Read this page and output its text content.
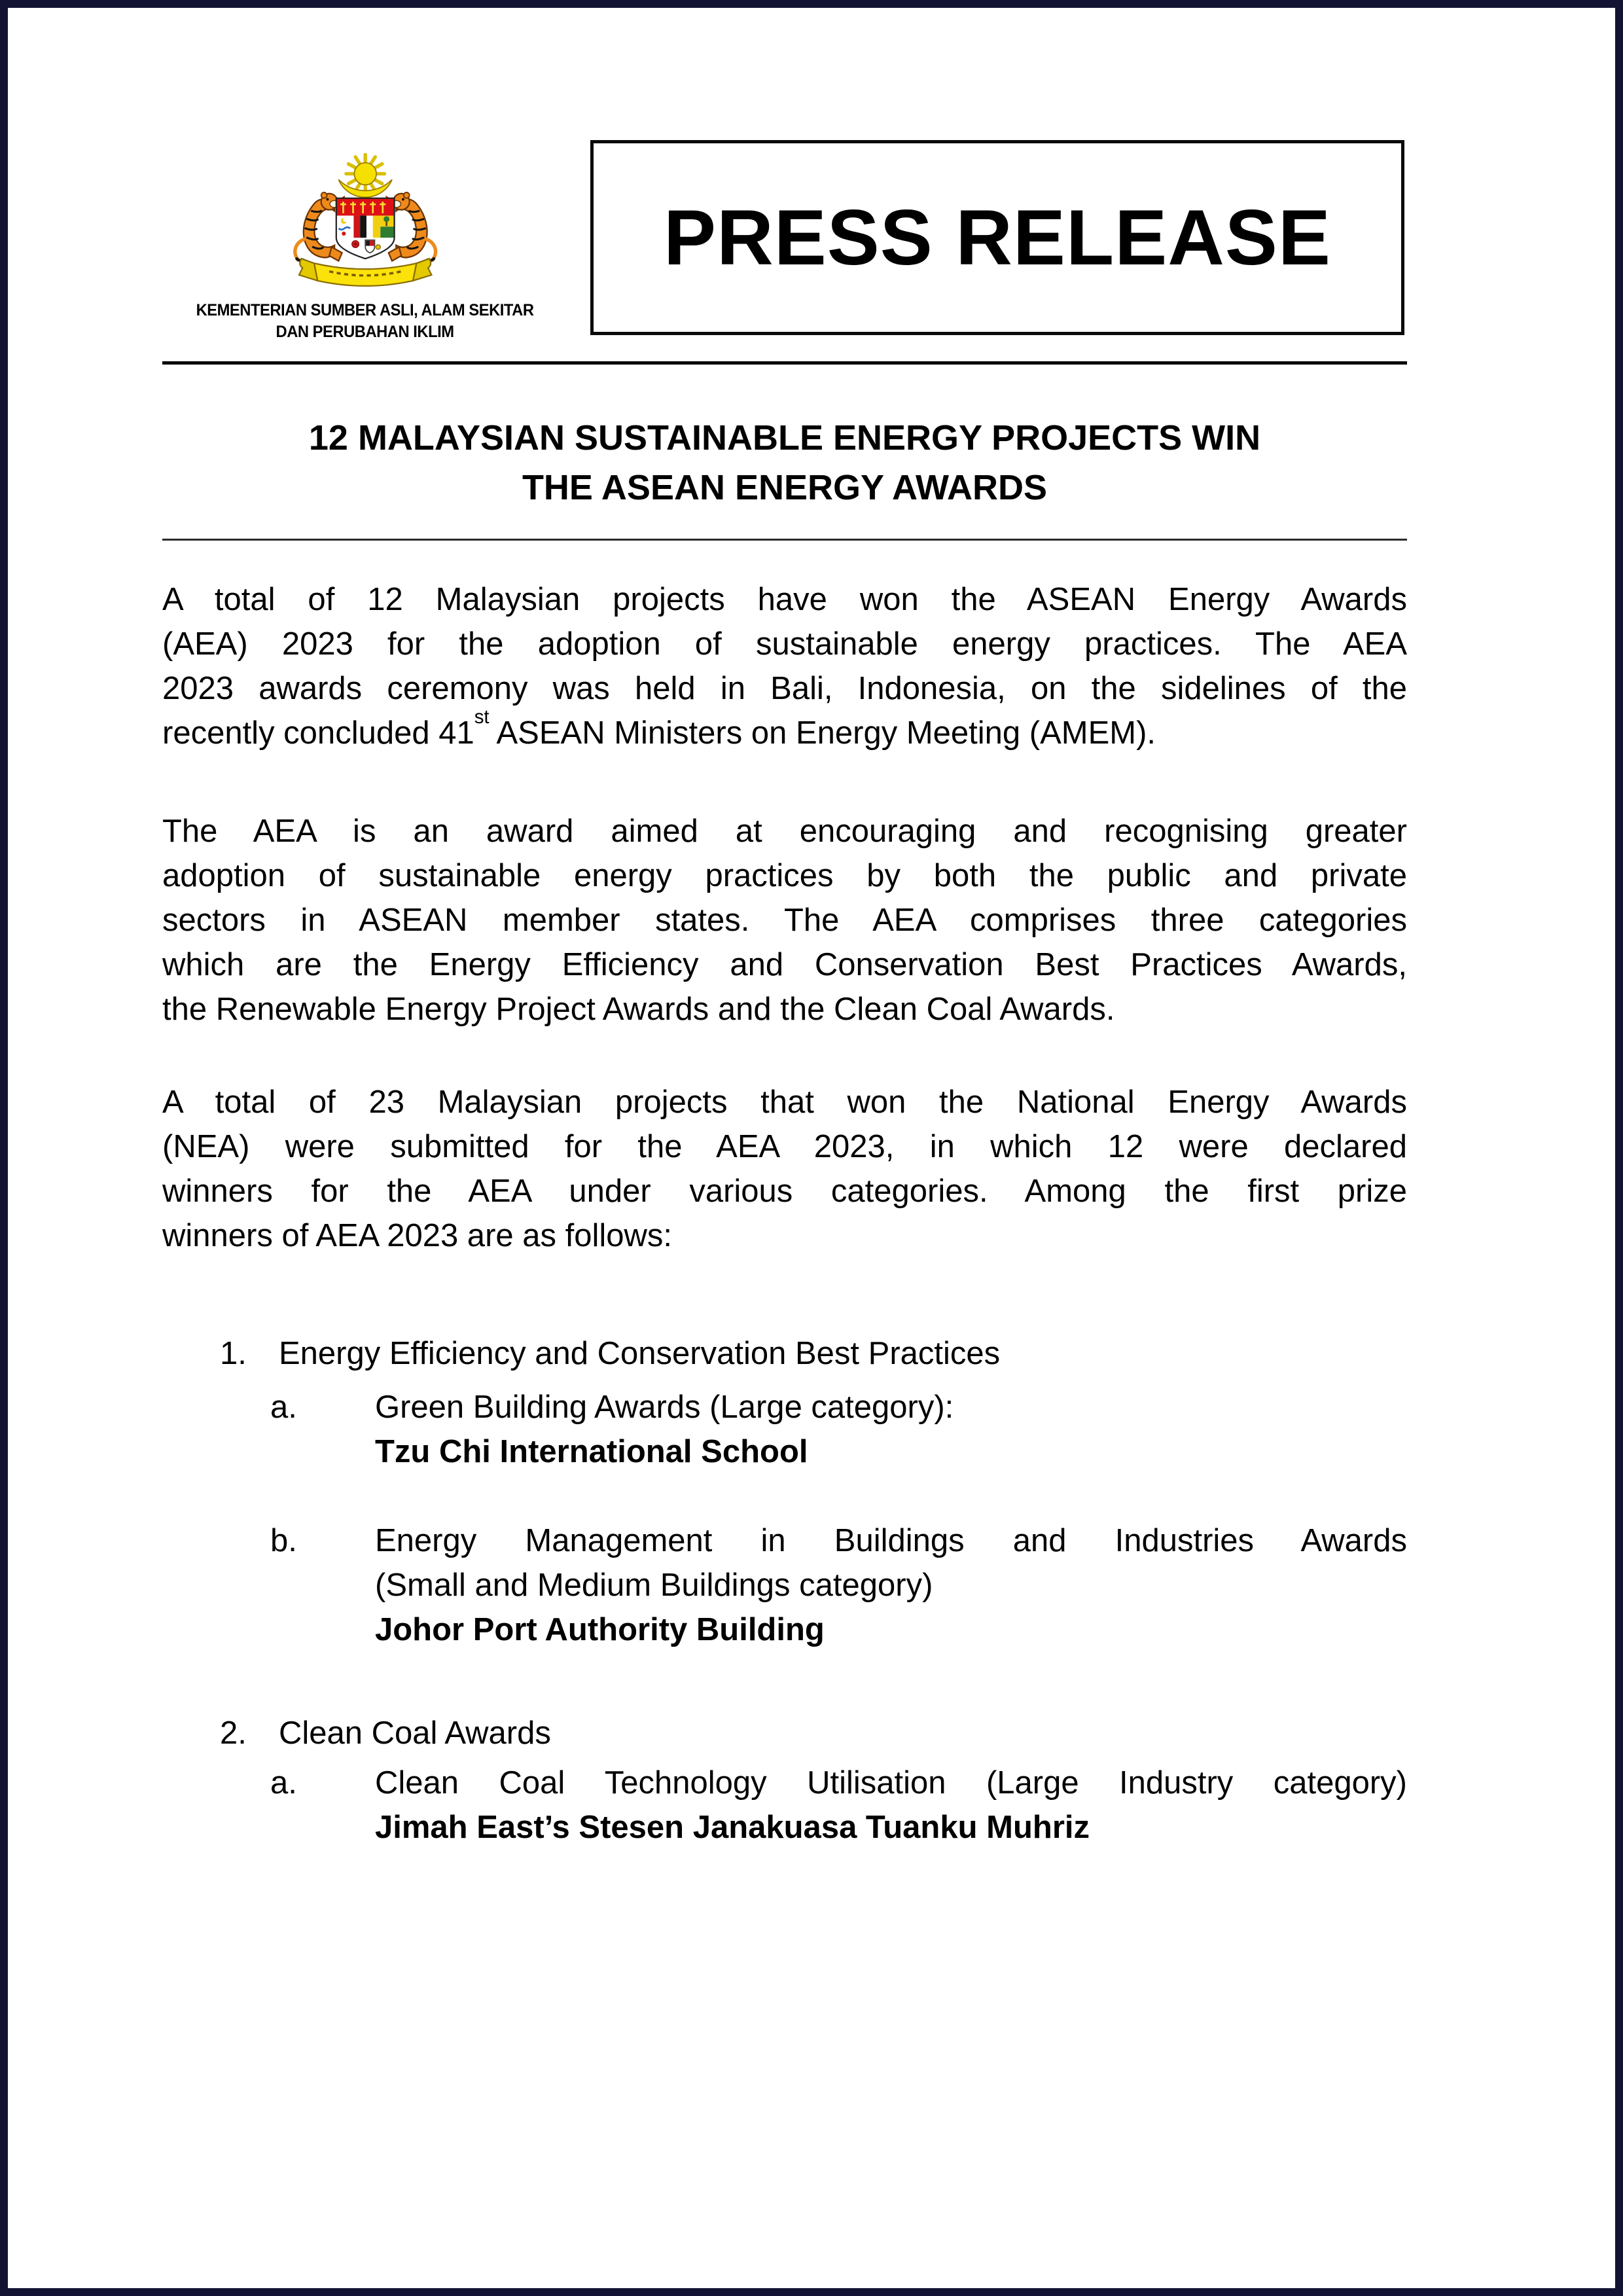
KEMENTERIAN SUMBER ASLI, ALAM SEKITAR
DAN PERUBAHAN IKLIM
PRESS RELEASE
12 MALAYSIAN SUSTAINABLE ENERGY PROJECTS WIN
THE ASEAN ENERGY AWARDS
A total of 12 Malaysian projects have won the ASEAN Energy Awards
(AEA) 2023 for the adoption of sustainable energy practices. The AEA
2023 awards ceremony was held in Bali, Indonesia, on the sidelines of the
recently concluded 41st ASEAN Ministers on Energy Meeting (AMEM).
The AEA is an award aimed at encouraging and recognising greater
adoption of sustainable energy practices by both the public and private
sectors in ASEAN member states. The AEA comprises three categories
which are the Energy Efficiency and Conservation Best Practices Awards,
the Renewable Energy Project Awards and the Clean Coal Awards.
A total of 23 Malaysian projects that won the National Energy Awards
(NEA) were submitted for the AEA 2023, in which 12 were declared
winners for the AEA under various categories. Among the first prize
winners of AEA 2023 are as follows:
1. Energy Efficiency and Conservation Best Practices
a. Green Building Awards (Large category):
Tzu Chi International School
b. Energy Management in Buildings and Industries Awards
(Small and Medium Buildings category)
Johor Port Authority Building
2. Clean Coal Awards
a. Clean Coal Technology Utilisation (Large Industry category)
Jimah East’s Stesen Janakuasa Tuanku Muhriz
